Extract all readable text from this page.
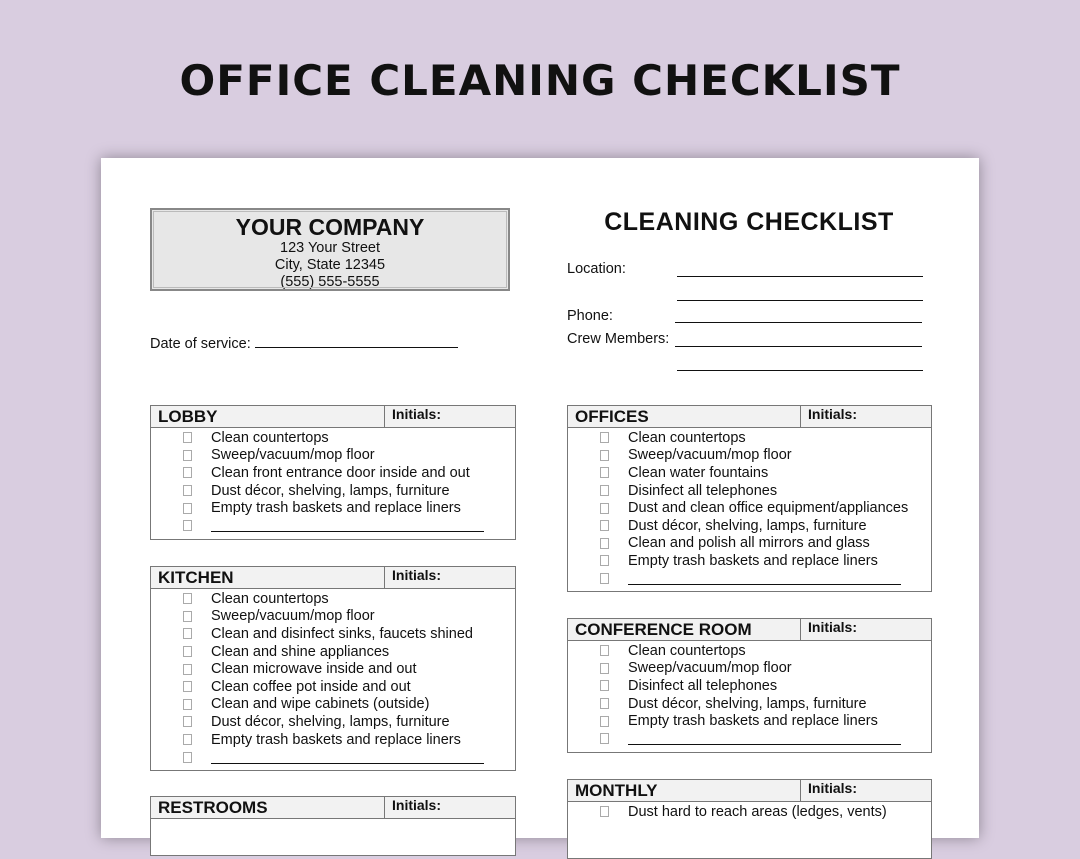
OFFICE CLEANING CHECKLIST
YOUR COMPANY
123 Your Street
City, State 12345
(555) 555-5555
Date of service:
CLEANING CHECKLIST
Location:
Phone:
Crew Members:
LOBBY	Initials:
Clean countertops
Sweep/vacuum/mop floor
Clean front entrance door inside and out
Dust décor, shelving, lamps, furniture
Empty trash baskets and replace liners
KITCHEN	Initials:
Clean countertops
Sweep/vacuum/mop floor
Clean and disinfect sinks, faucets shined
Clean and shine appliances
Clean microwave inside and out
Clean coffee pot inside and out
Clean and wipe cabinets (outside)
Dust décor, shelving, lamps, furniture
Empty trash baskets and replace liners
RESTROOMS	Initials:
OFFICES	Initials:
Clean countertops
Sweep/vacuum/mop floor
Clean water fountains
Disinfect all telephones
Dust and clean office equipment/appliances
Dust décor, shelving, lamps, furniture
Clean and polish all mirrors and glass
Empty trash baskets and replace liners
CONFERENCE ROOM	Initials:
Clean countertops
Sweep/vacuum/mop floor
Disinfect all telephones
Dust décor, shelving, lamps, furniture
Empty trash baskets and replace liners
MONTHLY	Initials:
Dust hard to reach areas (ledges, vents)
